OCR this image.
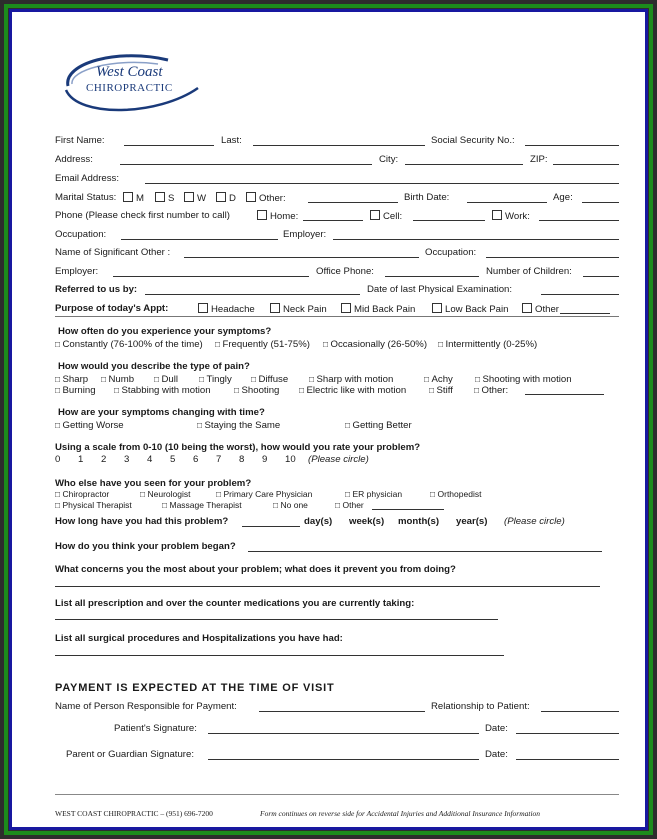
West Coast
CHIROPRACTIC
First Name:	Last:	Social Security No.:
Address:	City:	ZIP:
Email Address:
Marital Status:	M	S	W	D	Other:	Birth Date:	Age:
Phone (Please check first number to call)	Home:	Cell:	Work:
Occupation:	Employer:
Name of Significant Other :	Occupation:
Employer:	Office Phone:	Number of Children:
Referred to us by:	Date of last Physical Examination:
Purpose of today's Appt:	Headache	Neck Pain	Mid Back Pain	Low Back Pain	Other
How often do you experience your symptoms?
□ Constantly (76-100% of the time) □ Frequently (51-75%) □ Occasionally (26-50%) □ Intermittently (0-25%)
How would you describe the type of pain?
□ Sharp □ Numb □ Dull □ Tingly □ Diffuse □ Sharp with motion	□ Achy	□ Shooting with motion
□ Burning □ Stabbing with motion	□ Shooting □ Electric like with motion	□ Stiff □ Other:
How are your symptoms changing with time?
□ Getting Worse	□ Staying the Same	□ Getting Better
Using a scale from 0-10 (10 being the worst), how would you rate your problem?
0 1 2 3 4 5 6 7 8 9 10 (Please circle)
Who else have you seen for your problem?
□ Chiropractor	□ Neurologist	□ Primary Care Physician	□ ER physician	□ Orthopedist
□ Physical Therapist	□ Massage Therapist	□ No one	□ Other
How long have you had this problem?	day(s) week(s) month(s) year(s) (Please circle)
How do you think your problem began?
What concerns you the most about your problem; what does it prevent you from doing?
List all prescription and over the counter medications you are currently taking:
List all surgical procedures and Hospitalizations you have had:
PAYMENT IS EXPECTED AT THE TIME OF VISIT
Name of Person Responsible for Payment:	Relationship to Patient:
Patient's Signature:	Date:
Parent or Guardian Signature:	Date:
WEST COAST CHIROPRACTIC – (951) 696-7200	Form continues on reverse side for Accidental Injuries and Additional Insurance Information
